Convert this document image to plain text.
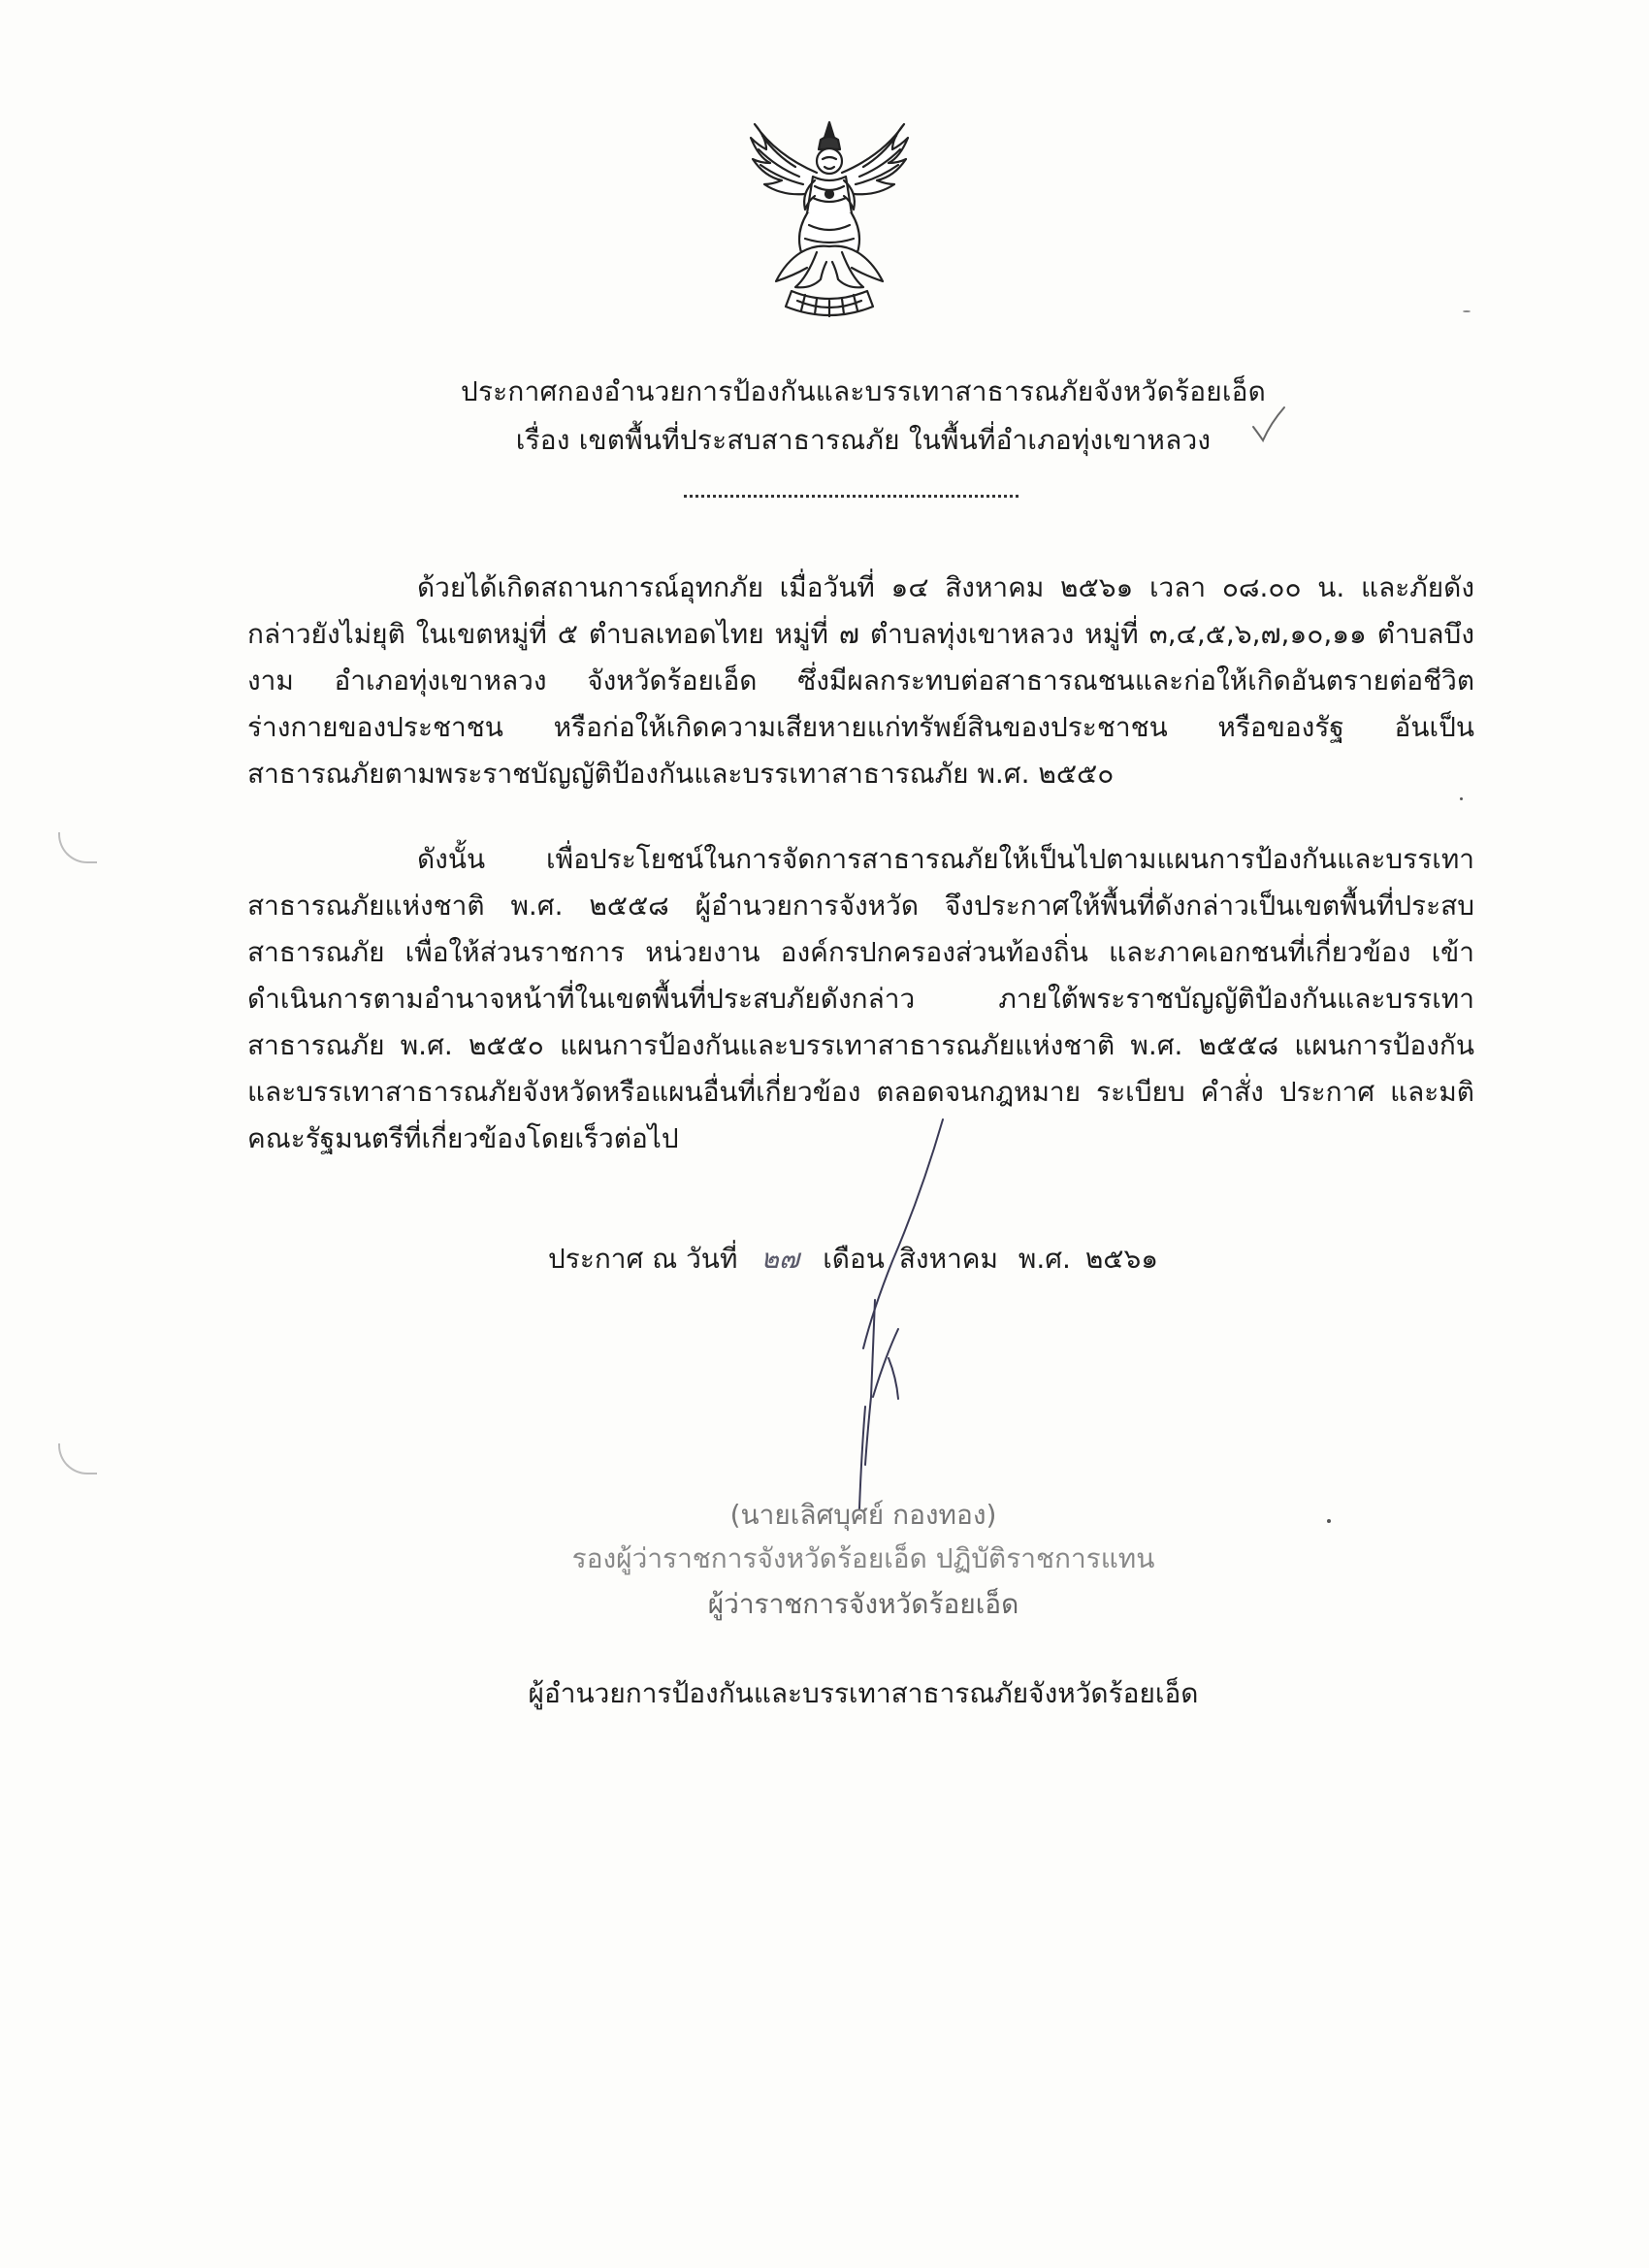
ประกาศกองอำนวยการป้องกันและบรรเทาสาธารณภัยจังหวัดร้อยเอ็ด
เรื่อง เขตพื้นที่ประสบสาธารณภัย ในพื้นที่อำเภอทุ่งเขาหลวง
ด้วยได้เกิดสถานการณ์อุทกภัย เมื่อวันที่ ๑๔ สิงหาคม ๒๕๖๑ เวลา ๐๘.๐๐ น. และภัยดังกล่าวยังไม่ยุติ ในเขตหมู่ที่ ๕ ตำบลเทอดไทย หมู่ที่ ๗ ตำบลทุ่งเขาหลวง หมู่ที่ ๓,๔,๕,๖,๗,๑๐,๑๑ ตำบลบึงงาม อำเภอทุ่งเขาหลวง จังหวัดร้อยเอ็ด ซึ่งมีผลกระทบต่อสาธารณชนและก่อให้เกิดอันตรายต่อชีวิต ร่างกายของประชาชน หรือก่อให้เกิดความเสียหายแก่ทรัพย์สินของประชาชน หรือของรัฐ อันเป็นสาธารณภัยตามพระราชบัญญัติป้องกันและบรรเทาสาธารณภัย พ.ศ. ๒๕๕๐
ดังนั้น เพื่อประโยชน์ในการจัดการสาธารณภัยให้เป็นไปตามแผนการป้องกันและบรรเทาสาธารณภัยแห่งชาติ พ.ศ. ๒๕๕๘ ผู้อำนวยการจังหวัด จึงประกาศให้พื้นที่ดังกล่าวเป็นเขตพื้นที่ประสบสาธารณภัย เพื่อให้ส่วนราชการ หน่วยงาน องค์กรปกครองส่วนท้องถิ่น และภาคเอกชนที่เกี่ยวข้อง เข้าดำเนินการตามอำนาจหน้าที่ในเขตพื้นที่ประสบภัยดังกล่าว ภายใต้พระราชบัญญัติป้องกันและบรรเทาสาธารณภัย พ.ศ. ๒๕๕๐ แผนการป้องกันและบรรเทาสาธารณภัยแห่งชาติ พ.ศ. ๒๕๕๘ แผนการป้องกันและบรรเทาสาธารณภัยจังหวัดหรือแผนอื่นที่เกี่ยวข้อง ตลอดจนกฎหมาย ระเบียบ คำสั่ง ประกาศ และมติคณะรัฐมนตรีที่เกี่ยวข้องโดยเร็วต่อไป
ประกาศ ณ วันที่ ๒๗ เดือน สิงหาคม พ.ศ. ๒๕๖๑
(นายเลิศบุศย์ กองทอง)
รองผู้ว่าราชการจังหวัดร้อยเอ็ด ปฏิบัติราชการแทน
ผู้ว่าราชการจังหวัดร้อยเอ็ด
ผู้อำนวยการป้องกันและบรรเทาสาธารณภัยจังหวัดร้อยเอ็ด
